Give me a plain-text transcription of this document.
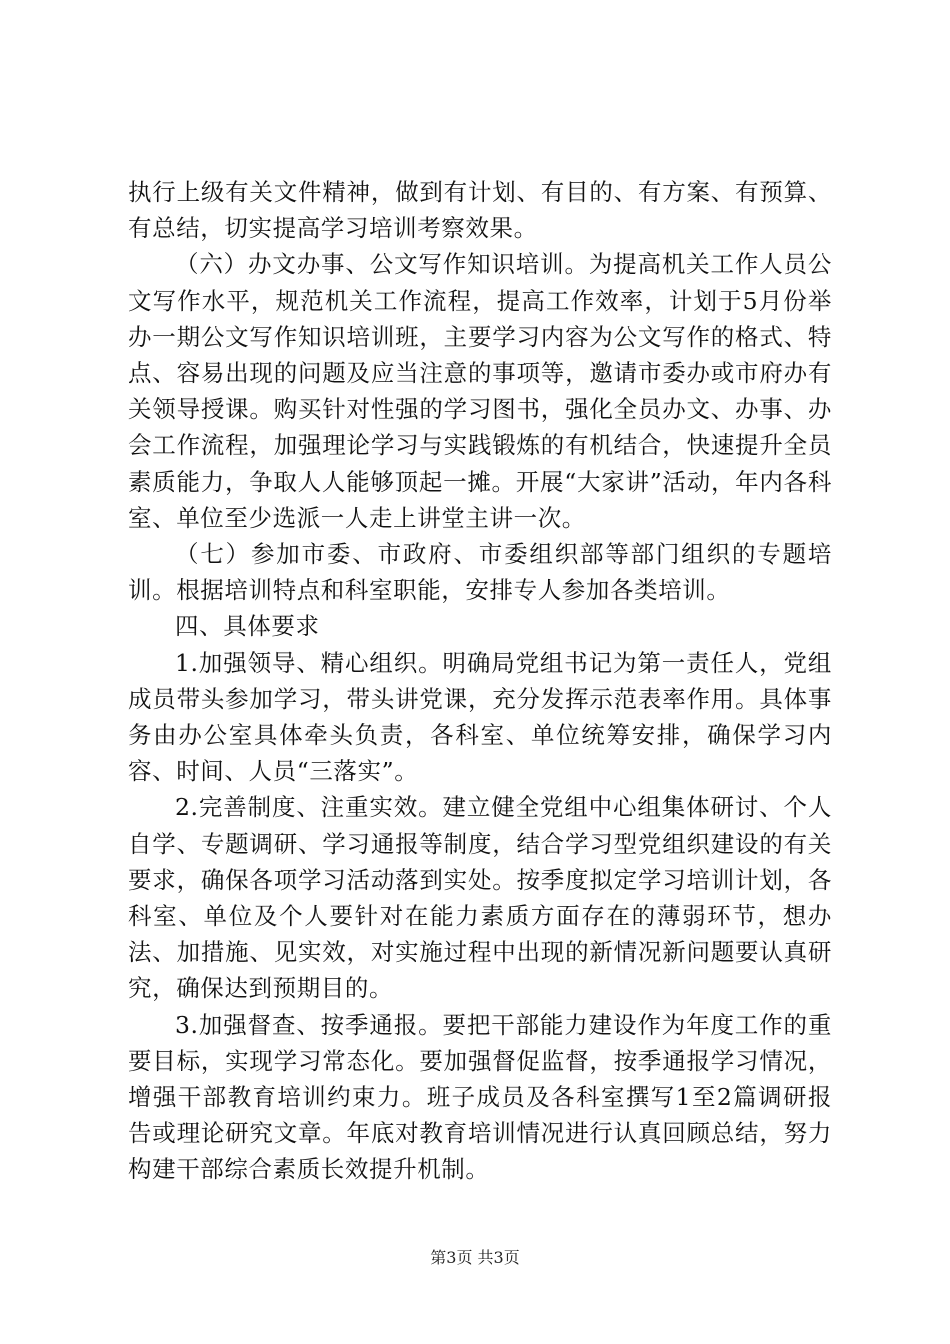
执行上级有关文件精神，做到有计划、有目的、有方案、有预算、有总结，切实提高学习培训考察效果。

（六）办文办事、公文写作知识培训。为提高机关工作人员公文写作水平，规范机关工作流程，提高工作效率，计划于5月份举办一期公文写作知识培训班，主要学习内容为公文写作的格式、特点、容易出现的问题及应当注意的事项等，邀请市委办或市府办有关领导授课。购买针对性强的学习图书，强化全员办文、办事、办会工作流程，加强理论学习与实践锻炼的有机结合，快速提升全员素质能力，争取人人能够顶起一摊。开展“大家讲”活动，年内各科室、单位至少选派一人走上讲堂主讲一次。

（七）参加市委、市政府、市委组织部等部门组织的专题培训。根据培训特点和科室职能，安排专人参加各类培训。

四、具体要求

1.加强领导、精心组织。明确局党组书记为第一责任人，党组成员带头参加学习，带头讲党课，充分发挥示范表率作用。具体事务由办公室具体牵头负责，各科室、单位统筹安排，确保学习内容、时间、人员“三落实”。

2.完善制度、注重实效。建立健全党组中心组集体研讨、个人自学、专题调研、学习通报等制度，结合学习型党组织建设的有关要求，确保各项学习活动落到实处。按季度拟定学习培训计划，各科室、单位及个人要针对在能力素质方面存在的薄弱环节，想办法、加措施、见实效，对实施过程中出现的新情况新问题要认真研究，确保达到预期目的。

3.加强督查、按季通报。要把干部能力建设作为年度工作的重要目标，实现学习常态化。要加强督促监督，按季通报学习情况，增强干部教育培训约束力。班子成员及各科室撰写1至2篇调研报告或理论研究文章。年底对教育培训情况进行认真回顾总结，努力构建干部综合素质长效提升机制。

第3页 共3页
